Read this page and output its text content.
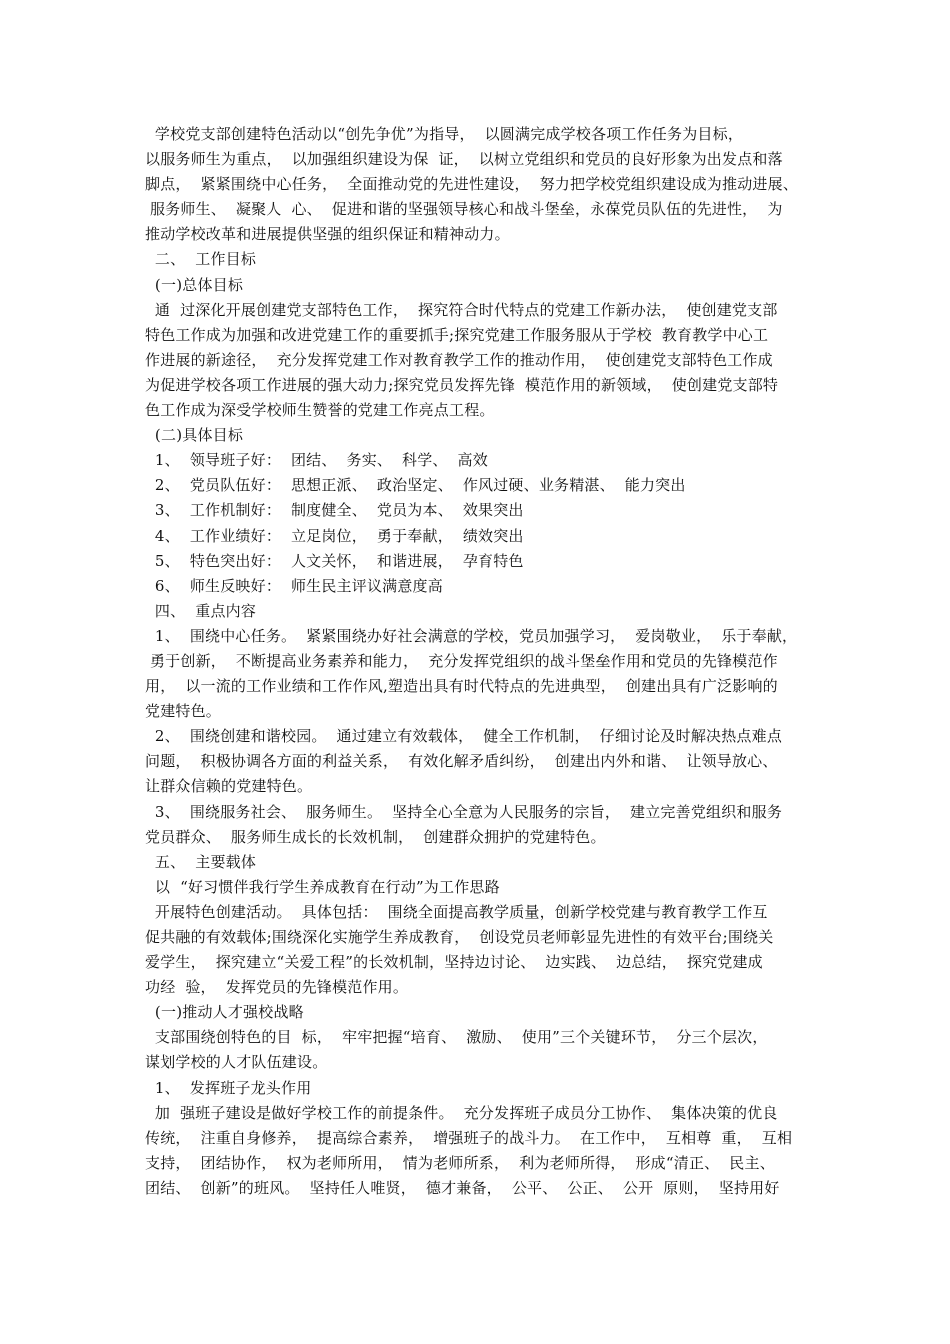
学校党支部创建特色活动以“创先争优”为指导，  以圆满完成学校各项工作任务为目标，
以服务师生为重点，  以加强组织建设为保  证，  以树立党组织和党员的良好形象为出发点和落
脚点，  紧紧围绕中心任务，  全面推动党的先进性建设，  努力把学校党组织建设成为推动进展、
服务师生、  凝聚人  心、  促进和谐的坚强领导核心和战斗堡垒，永葆党员队伍的先进性，  为
推动学校改革和进展提供坚强的组织保证和精神动力。
二、  工作目标
(一)总体目标
通  过深化开展创建党支部特色工作，  探究符合时代特点的党建工作新办法，  使创建党支部
特色工作成为加强和改进党建工作的重要抓手;探究党建工作服务服从于学校  教育教学中心工
作进展的新途径，  充分发挥党建工作对教育教学工作的推动作用，  使创建党支部特色工作成
为促进学校各项工作进展的强大动力;探究党员发挥先锋  模范作用的新领域，  使创建党支部特
色工作成为深受学校师生赞誉的党建工作亮点工程。
(二)具体目标
1、  领导班子好：  团结、  务实、  科学、  高效
2、  党员队伍好：  思想正派、  政治坚定、  作风过硬、业务精湛、  能力突出
3、  工作机制好：  制度健全、  党员为本、  效果突出
4、  工作业绩好：  立足岗位，  勇于奉献，  绩效突出
5、  特色突出好：  人文关怀，  和谐进展，  孕育特色
6、  师生反映好：  师生民主评议满意度高
四、  重点内容
1、  围绕中心任务。  紧紧围绕办好社会满意的学校，党员加强学习，  爱岗敬业，  乐于奉献，
勇于创新，  不断提高业务素养和能力，  充分发挥党组织的战斗堡垒作用和党员的先锋模范作
用，  以一流的工作业绩和工作作风,塑造出具有时代特点的先进典型，  创建出具有广泛影响的
党建特色。
2、  围绕创建和谐校园。  通过建立有效载体，  健全工作机制，  仔细讨论及时解决热点难点
问题，  积极协调各方面的利益关系，  有效化解矛盾纠纷，  创建出内外和谐、  让领导放心、
让群众信赖的党建特色。
3、  围绕服务社会、  服务师生。  坚持全心全意为人民服务的宗旨，  建立完善党组织和服务
党员群众、  服务师生成长的长效机制，  创建群众拥护的党建特色。
五、  主要载体
以  “好习惯伴我行学生养成教育在行动”为工作思路
开展特色创建活动。  具体包括：  围绕全面提高教学质量，创新学校党建与教育教学工作互
促共融的有效载体;围绕深化实施学生养成教育，  创设党员老师彰显先进性的有效平台;围绕关
爱学生，  探究建立“关爱工程”的长效机制，坚持边讨论、  边实践、  边总结，  探究党建成
功经  验，  发挥党员的先锋模范作用。
(一)推动人才强校战略
支部围绕创特色的目  标，  牢牢把握“培育、  激励、  使用”三个关键环节，  分三个层次，
谋划学校的人才队伍建设。
1、  发挥班子龙头作用
加  强班子建设是做好学校工作的前提条件。  充分发挥班子成员分工协作、  集体决策的优良
传统，  注重自身修养，  提高综合素养，  增强班子的战斗力。  在工作中，  互相尊  重，  互相
支持，  团结协作，  权为老师所用，  情为老师所系，  利为老师所得，  形成“清正、  民主、
团结、  创新”的班风。  坚持任人唯贤，  德才兼备，  公平、  公正、  公开  原则，  坚持用好
